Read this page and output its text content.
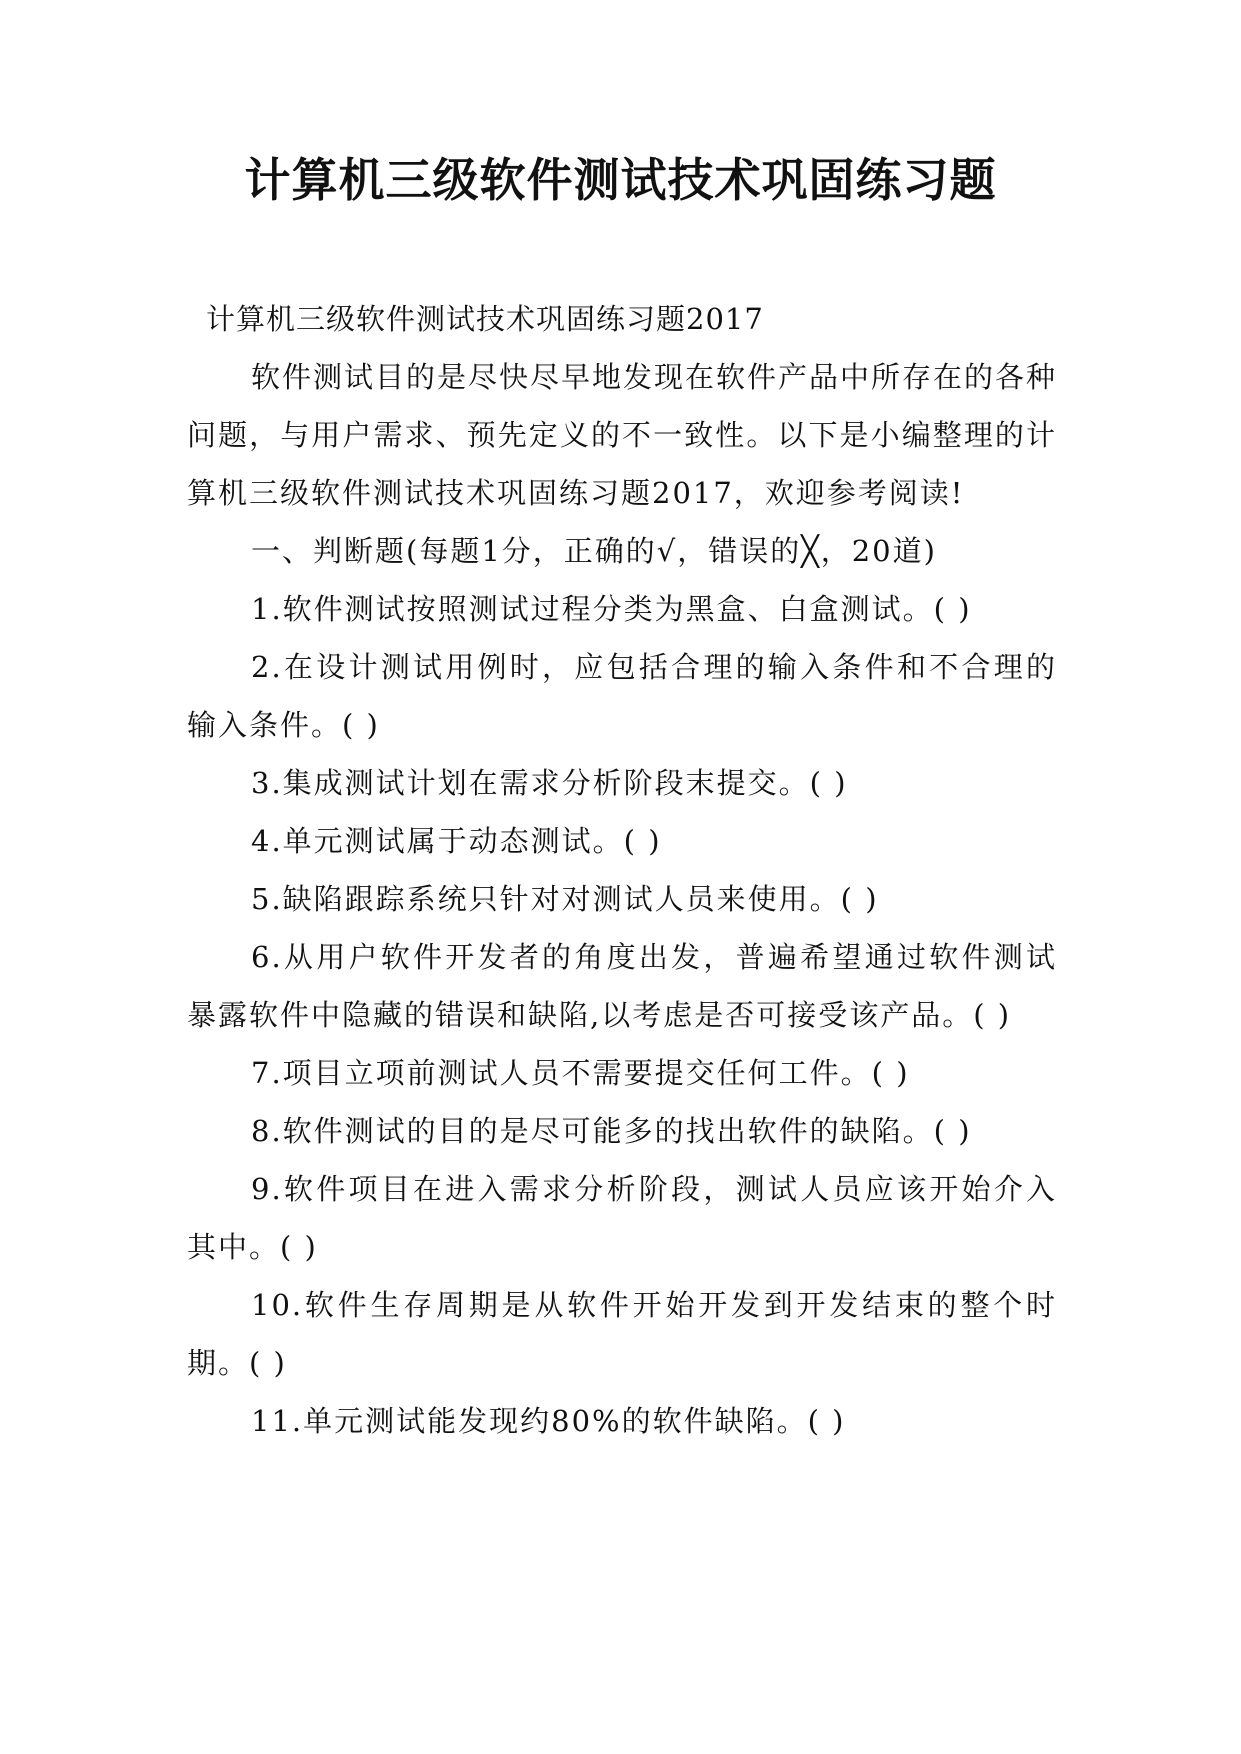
计算机三级软件测试技术巩固练习题

计算机三级软件测试技术巩固练习题2017

软件测试目的是尽快尽早地发现在软件产品中所存在的各种问题，与用户需求、预先定义的不一致性。以下是小编整理的计算机三级软件测试技术巩固练习题2017，欢迎参考阅读!

一、判断题(每题1分，正确的√，错误的╳，20道)

1.软件测试按照测试过程分类为黑盒、白盒测试。( )

2.在设计测试用例时，应包括合理的输入条件和不合理的输入条件。( )

3.集成测试计划在需求分析阶段末提交。( )

4.单元测试属于动态测试。( )

5.缺陷跟踪系统只针对对测试人员来使用。( )

6.从用户软件开发者的角度出发，普遍希望通过软件测试暴露软件中隐藏的错误和缺陷,以考虑是否可接受该产品。( )

7.项目立项前测试人员不需要提交任何工件。( )

8.软件测试的目的是尽可能多的找出软件的缺陷。( )

9.软件项目在进入需求分析阶段，测试人员应该开始介入其中。( )

10.软件生存周期是从软件开始开发到开发结束的整个时期。( )

11.单元测试能发现约80%的软件缺陷。( )
